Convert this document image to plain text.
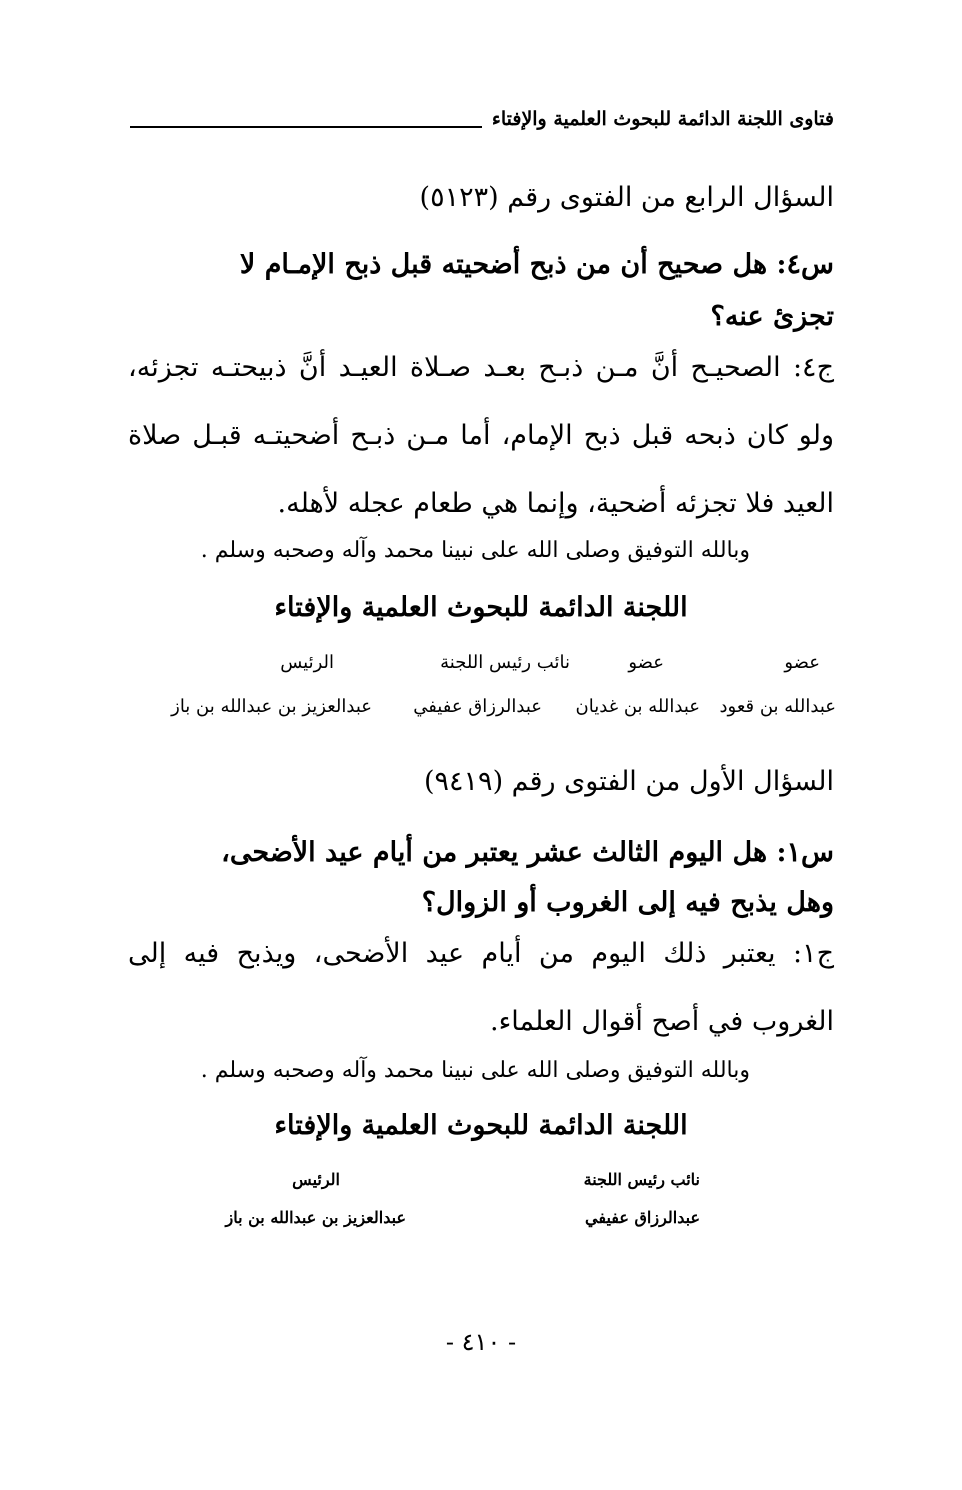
فتاوى اللجنة الدائمة للبحوث العلمية والإفتاء
السؤال الرابع من الفتوى رقم (٥١٢٣)
س٤: هل صحيح أن من ذبح أضحيته قبل ذبح الإمـام لا
تجزئ عنه؟
ج٤: الصحيـح أنَّ مـن ذبـح بعـد صـلاة العيـد أنَّ ذبيحتـه تجزئه، ولو كان ذبحه قبل ذبح الإمام، أما مـن ذبـح أضحيتـه قبـل صلاة العيد فلا تجزئه أضحية، وإنما هي طعام عجله لأهله.
وبالله التوفيق وصلى الله على نبينا محمد وآله وصحبه وسلم .
اللجنة الدائمة للبحوث العلمية والإفتاء
عضو
عضو
نائب رئيس اللجنة
الرئيس
عبدالله بن قعود
عبدالله بن غديان
عبدالرزاق عفيفي
عبدالعزيز بن عبدالله بن باز
السؤال الأول من الفتوى رقم (٩٤١٩)
س١: هل اليوم الثالث عشر يعتبر من أيام عيد الأضحى،
وهل يذبح فيه إلى الغروب أو الزوال؟
ج١: يعتبر ذلك اليوم من أيام عيد الأضحى، ويذبح فيه إلى الغروب في أصح أقوال العلماء.
وبالله التوفيق وصلى الله على نبينا محمد وآله وصحبه وسلم .
اللجنة الدائمة للبحوث العلمية والإفتاء
نائب رئيس اللجنة
الرئيس
عبدالرزاق عفيفي
عبدالعزيز بن عبدالله بن باز
- ٤١٠ -
